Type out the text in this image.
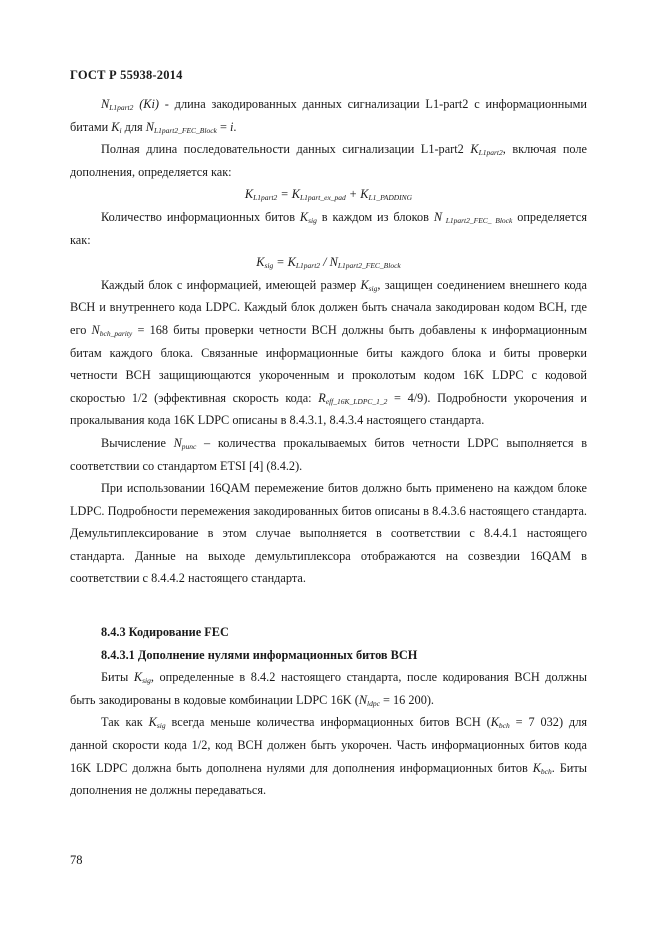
ГОСТ Р 55938-2014

$N_{L1part2}$ (Ki) - длина закодированных данных сигнализации L1-part2 с информационными битами $K_i$ для $N_{L1part2\_FEC\_Block} = i$.

Полная длина последовательности данных сигнализации L1-part2 $K_{L1part2}$, включая поле дополнения, определяется как:

$K_{L1part2} = K_{L1part\_ex\_pad} + K_{L1\_PADDING}$

Количество информационных битов $K_{sig}$ в каждом из блоков N $_{L1part2\_FEC\_ Block}$ определяется как:

$K_{sig} = K_{L1part2} / N_{L1part2\_FEC\_Block}$

Каждый блок с информацией, имеющей размер $K_{sig}$, защищен соединением внешнего кода BCH и внутреннего кода LDPC. Каждый блок должен быть сначала закодирован кодом BCH, где его $N_{bch\_parity} = 168$ биты проверки четности BCH должны быть добавлены к информационным битам каждого блока. Связанные информационные биты каждого блока и биты проверки четности BCH защищиющаются укороченным и проколотым кодом 16K LDPC с кодовой скоростью 1/2 (эффективная скорость кода: $R_{eff\_16K\_LDPC\_1\_2} = 4/9$). Подробности укорочения и прокалывания кода 16K LDPC описаны в 8.4.3.1, 8.4.3.4 настоящего стандарта.

Вычисление $N_{punc}$ – количества прокалываемых битов четности LDPC выполняется в соответствии со стандартом ETSI [4] (8.4.2).

При использовании 16QAM перемежение битов должно быть применено на каждом блоке LDPC. Подробности перемежения закодированных битов описаны в 8.4.3.6 настоящего стандарта. Демультиплексирование в этом случае выполняется в соответствии с 8.4.4.1 настоящего стандарта. Данные на выходе демультиплексора отображаются на созвездии 16QAM в соответствии с 8.4.4.2 настоящего стандарта.

8.4.3 Кодирование FEC

8.4.3.1 Дополнение нулями информационных битов BCH

Биты $K_{sig}$, определенные в 8.4.2 настоящего стандарта, после кодирования BCH должны быть закодированы в кодовые комбинации LDPC 16K ($N_{ldpc} = 16$ 200).

Так как $K_{sig}$ всегда меньше количества информационных битов BCH ($K_{bch} = 7$ 032) для данной скорости кода 1/2, код BCH должен быть укорочен. Часть информационных битов кода 16K LDPC должна быть дополнена нулями для дополнения информационных битов $K_{bch}$. Биты дополнения не должны передаваться.

78
